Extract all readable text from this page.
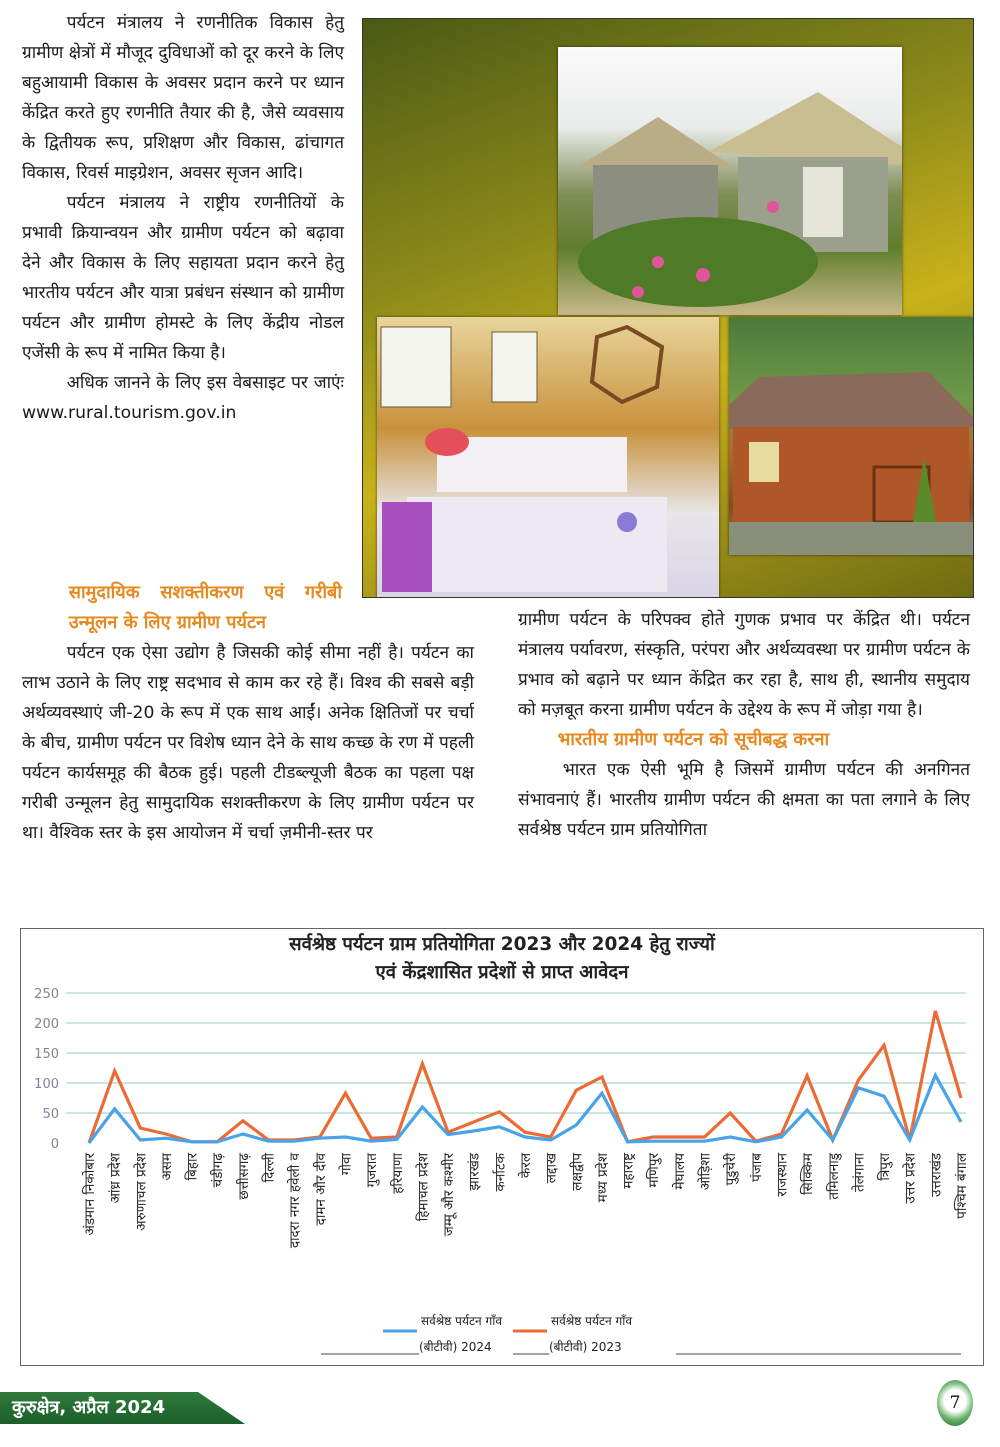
पर्यटन मंत्रालय ने रणनीतिक विकास हेतु ग्रामीण क्षेत्रों में मौजूद दुविधाओं को दूर करने के लिए बहुआयामी विकास के अवसर प्रदान करने पर ध्यान केंद्रित करते हुए रणनीति तैयार की है, जैसे व्यवसाय के द्वितीयक रूप, प्रशिक्षण और विकास, ढांचागत विकास, रिवर्स माइग्रेशन, अवसर सृजन आदि।

पर्यटन मंत्रालय ने राष्ट्रीय रणनीतियों के प्रभावी क्रियान्वयन और ग्रामीण पर्यटन को बढ़ावा देने और विकास के लिए सहायता प्रदान करने हेतु भारतीय पर्यटन और यात्रा प्रबंधन संस्थान को ग्रामीण पर्यटन और ग्रामीण होमस्टे के लिए केंद्रीय नोडल एजेंसी के रूप में नामित किया है।

अधिक जानने के लिए इस वेबसाइट पर जाएंः www.rural.tourism.gov.in

सामुदायिक सशक्तीकरण एवं गरीबी उन्मूलन के लिए ग्रामीण पर्यटन

पर्यटन एक ऐसा उद्योग है जिसकी कोई सीमा नहीं है। पर्यटन का लाभ उठाने के लिए राष्ट्र सदभाव से काम कर रहे हैं। विश्व की सबसे बड़ी अर्थव्यवस्थाएं जी-20 के रूप में एक साथ आईं। अनेक क्षितिजों पर चर्चा के बीच, ग्रामीण पर्यटन पर विशेष ध्यान देने के साथ कच्छ के रण में पहली पर्यटन कार्यसमूह की बैठक हुई। पहली टीडब्ल्यूजी बैठक का पहला पक्ष गरीबी उन्मूलन हेतु सामुदायिक सशक्तीकरण के लिए ग्रामीण पर्यटन पर था। वैश्विक स्तर के इस आयोजन में चर्चा ज़मीनी-स्तर पर

ग्रामीण पर्यटन के परिपक्व होते गुणक प्रभाव पर केंद्रित थी। पर्यटन मंत्रालय पर्यावरण, संस्कृति, परंपरा और अर्थव्यवस्था पर ग्रामीण पर्यटन के प्रभाव को बढ़ाने पर ध्यान केंद्रित कर रहा है, साथ ही, स्थानीय समुदाय को मज़बूत करना ग्रामीण पर्यटन के उद्देश्य के रूप में जोड़ा गया है।

भारतीय ग्रामीण पर्यटन को सूचीबद्ध करना

भारत एक ऐसी भूमि है जिसमें ग्रामीण पर्यटन की अनगिनत संभावनाएं हैं। भारतीय ग्रामीण पर्यटन की क्षमता का पता लगाने के लिए सर्वश्रेष्ठ पर्यटन ग्राम प्रतियोगिता

सर्वश्रेष्ठ पर्यटन ग्राम प्रतियोगिता 2023 और 2024 हेतु राज्यों
एवं केंद्रशासित प्रदेशों से प्राप्त आवेदन
0
50
100
150
200
250
अंडमान निकोबार आंध्र प्रदेश अरुणाचल प्रदेश असम बिहार चंडीगढ़ छत्तीसगढ़ दिल्ली दादरा नगर हवेली व दामन और दीव गोवा गुजरात हरियाणा हिमाचल प्रदेश जम्मू और कश्मीर झारखंड कर्नाटक केरल लद्दाख लक्षद्वीप मध्य प्रदेश महाराष्ट्र मणिपुर मेघालय ओड़िशा पुडुचेरी पंजाब राजस्थान सिक्किम तमिलनाडु तेलंगाना त्रिपुरा उत्तर प्रदेश उत्तराखंड पश्चिम बंगाल
सर्वश्रेष्ठ पर्यटन गाँव
(बीटीवी) 2024
सर्वश्रेष्ठ पर्यटन गाँव
(बीटीवी) 2023
कुरुक्षेत्र, अप्रैल 2024	7
